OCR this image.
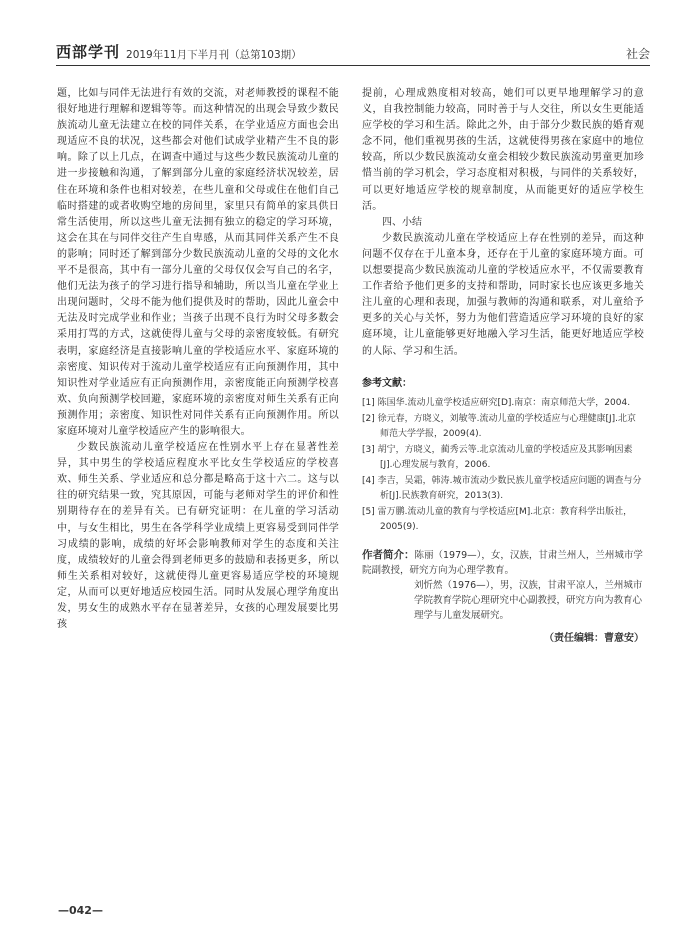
西部学刊 2019年11月下半月刊（总第103期）	社会

题，比如与同伴无法进行有效的交流，对老师教授的课程不能很好地进行理解和逻辑等等。而这种情况的出现会导致少数民族流动儿童无法建立在校的同伴关系，在学业适应方面也会出现适应不良的状况，这些都会对他们试成学业精产生不良的影响。除了以上几点，在调查中通过与这些少数民族流动儿童的进一步接触和沟通，了解到部分儿童的家庭经济状况较差，居住在环境和条件也相对较差，在些儿童和父母或住在他们自己临时搭建的或者收购空地的房间里，家里只有简单的家具供日常生活使用，所以这些儿童无法拥有独立的稳定的学习环境，这会在其在与同伴交往产生自卑感，从而其同伴关系产生不良的影响；同时还了解到部分少数民族流动儿童的父母的文化水平不是很高，其中有一部分儿童的父母仅仅会写自己的名字，他们无法为孩子的学习进行指导和辅助，所以当儿童在学业上出现问题时，父母不能为他们提供及时的帮助，因此儿童会中无法及时完成学业和作业；当孩子出现不良行为时父母多数会采用打骂的方式，这就使得儿童与父母的亲密度较低。有研究表明，家庭经济是直接影响儿童的学校适应水平、家庭环境的亲密度、知识传对于流动儿童学校适应有正向预测作用，其中知识性对学业适应有正向预测作用，亲密度能正向预测学校喜欢、负向预测学校回避，家庭环境的亲密度对师生关系有正向预测作用；亲密度、知识性对同伴关系有正向预测作用。所以家庭环境对儿童学校适应产生的影响很大。

少数民族流动儿童学校适应在性别水平上存在显著性差异，其中男生的学校适应程度水平比女生学校适应的学校喜欢、师生关系、学业适应和总分都是略高于这十六二。这与以往的研究结果一致，究其原因，可能与老师对学生的评价和性别期待存在的差异有关。已有研究证明：在儿童的学习活动中，与女生相比，男生在各学科学业成绩上更容易受到同伴学习成绩的影响，成绩的好坏会影响教师对学生的态度和关注度，成绩较好的儿童会得到老师更多的鼓励和表扬更多，所以师生关系相对较好，这就使得儿童更容易适应学校的环境规定，从而可以更好地适应校园生活。同时从发展心理学角度出发，男女生的成熟水平存在显著差异，女孩的心理发展要比男孩

提前，心理成熟度相对较高，她们可以更早地理解学习的意义，自我控制能力较高，同时善于与人交往，所以女生更能适应学校的学习和生活。除此之外，由于部分少数民族的婚育观念不同，他们重视男孩的生活，这就使得男孩在家庭中的地位较高，所以少数民族流动女童会相较少数民族流动男童更加珍惜当前的学习机会，学习态度相对积极，与同伴的关系较好，可以更好地适应学校的规章制度，从而能更好的适应学校生活。

四、小结

少数民族流动儿童在学校适应上存在性别的差异，而这种问题不仅存在于儿童本身，还存在于儿童的家庭环境方面。可以想要提高少数民族流动儿童的学校适应水平，不仅需要教育工作者给予他们更多的支持和帮助，同时家长也应该更多地关注儿童的心理和表现，加强与教师的沟通和联系，对儿童给予更多的关心与关怀，努力为他们营造适应学习环境的良好的家庭环境，让儿童能够更好地融入学习生活，能更好地适应学校的人际、学习和生活。

参考文献：
[1] 陈国华.流动儿童学校适应研究[D].南京：南京师范大学，2004.
[2] 徐元春，方晓义，刘敏等.流动儿童的学校适应与心理健康[J].北京师范大学学报，2009(4).
[3] 胡宁，方晓义，蔺秀云等.北京流动儿童的学校适应及其影响因素[J].心理发展与教育，2006.
[4] 李吉，吴霜，韩涛.城市流动少数民族儿童学校适应问题的调查与分析[J].民族教育研究，2013(3).
[5] 雷万鹏.流动儿童的教育与学校适应[M].北京：教育科学出版社，2005(9).
作者简介：陈丽（1979—），女，汉族，甘肃兰州人，兰州城市学院副教授，研究方向为心理学教育。
刘忻然（1976—），男，汉族，甘肃平凉人，兰州城市学院教育学院心理研究中心副教授，研究方向为教育心理学与儿童发展研究。
（责任编辑：曹意安）
—042—
